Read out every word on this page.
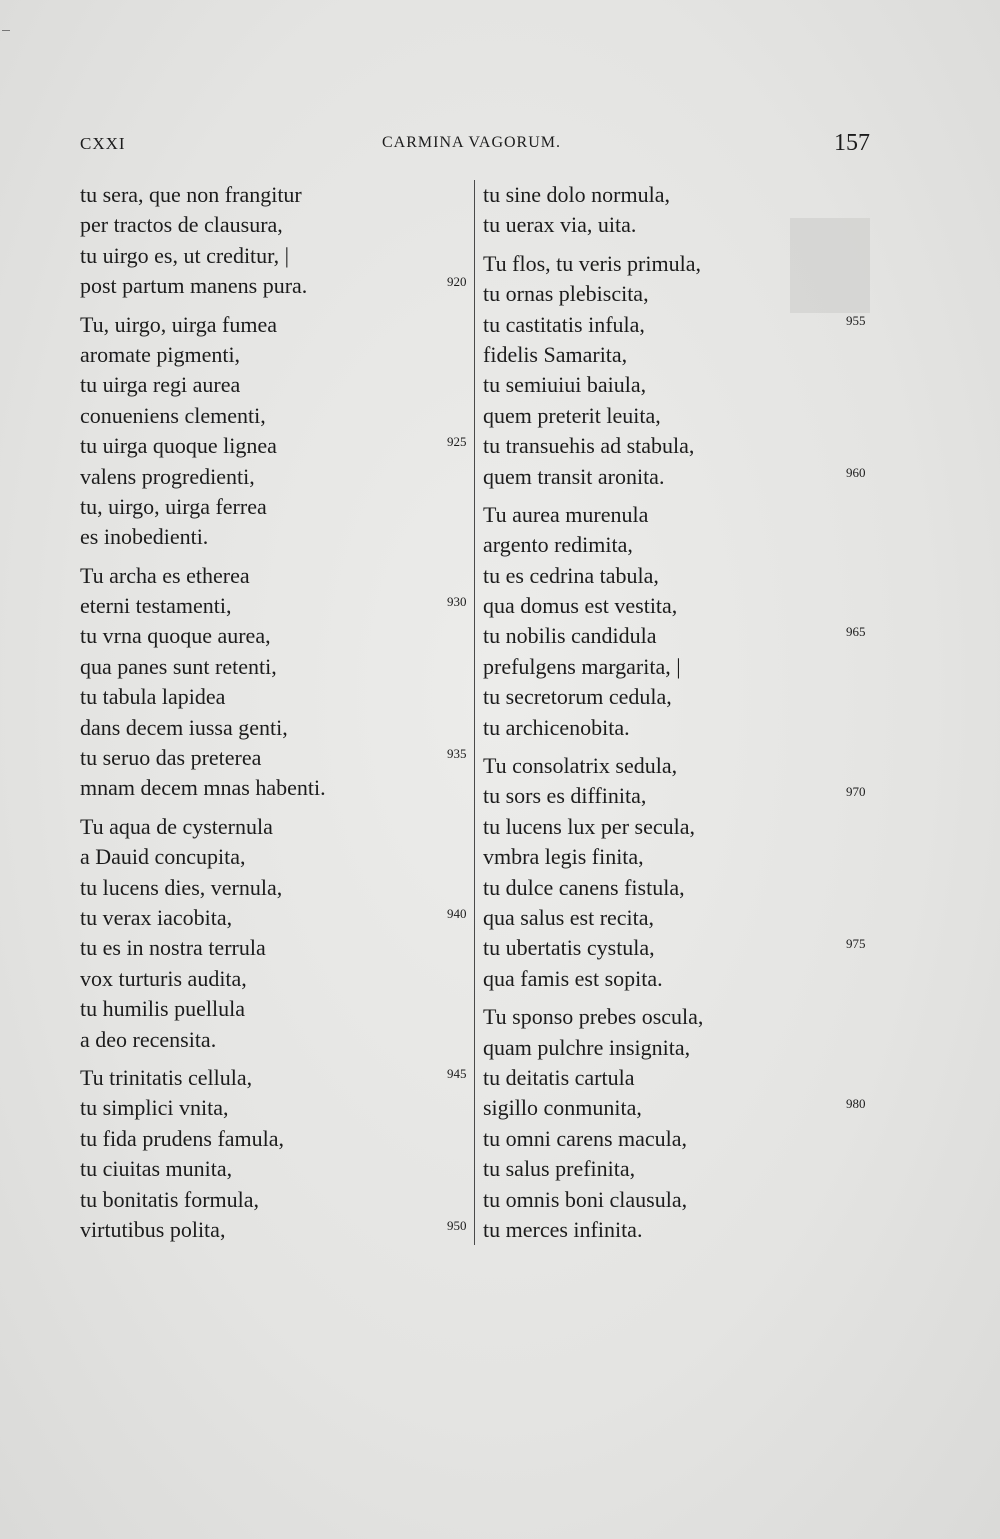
CXXI	CARMINA VAGORUM.	157
tu sera, que non frangitur
per tractos de clausura,
tu uirgo es, ut creditur, |
post partum manens pura.	920
Tu, uirgo, uirga fumea
aromate pigmenti,
tu uirga regi aurea
conueniens clementi,
tu uirga quoque lignea	925
valens progredienti,
tu, uirgo, uirga ferrea
es inobedienti.
Tu archa es etherea
eterni testamenti,	930
tu vrna quoque aurea,
qua panes sunt retenti,
tu tabula lapidea
dans decem iussa genti,
tu seruo das preterea	935
mnam decem mnas habenti.
Tu aqua de cysternula
a Dauid concupita,
tu lucens dies, vernula,
tu verax iacobita,	940
tu es in nostra terrula
vox turturis audita,
tu humilis puellula
a deo recensita.
Tu trinitatis cellula,	945
tu simplici vnita,
tu fida prudens famula,
tu ciuitas munita,
tu bonitatis formula,
virtutibus polita,	950
tu sine dolo normula,
tu uerax via, uita.
Tu flos, tu veris primula,
tu ornas plebiscita,
tu castitatis infula,	955
fidelis Samarita,
tu semiuiui baiula,
quem preterit leuita,
tu transuehis ad stabula,
quem transit aronita.	960
Tu aurea murenula
argento redimita,
tu es cedrina tabula,
qua domus est vestita,
tu nobilis candidula	965
prefulgens margarita, |
tu secretorum cedula,
tu archicenobita.
Tu consolatrix sedula,
tu sors es diffinita,	970
tu lucens lux per secula,
vmbra legis finita,
tu dulce canens fistula,
qua salus est recita,
tu ubertatis cystula,	975
qua famis est sopita.
Tu sponso prebes oscula,
quam pulchre insignita,
tu deitatis cartula
sigillo conmunita,	980
tu omni carens macula,
tu salus prefinita,
tu omnis boni clausula,
tu merces infinita.
